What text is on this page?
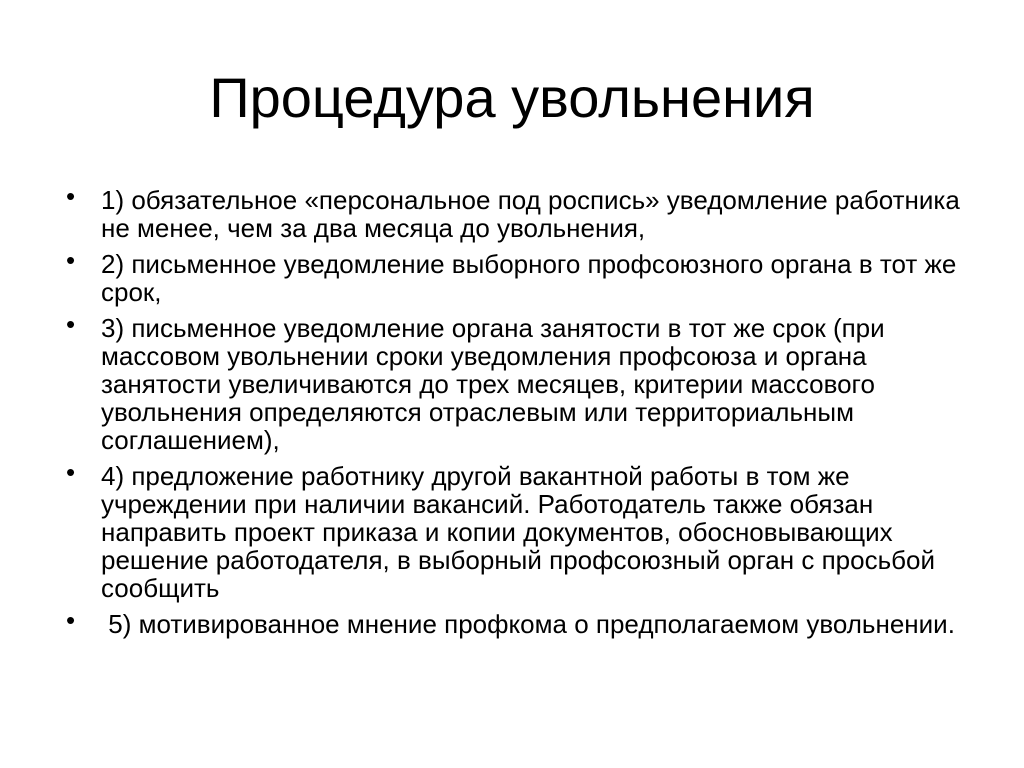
Процедура увольнения
• 1) обязательное «персональное под роспись» уведомление работника не менее, чем за два месяца до увольнения,
• 2) письменное уведомление выборного профсоюзного органа в тот же срок,
• 3) письменное уведомление органа занятости в тот же срок (при массовом увольнении сроки уведомления профсоюза и органа занятости увеличиваются до трех месяцев, критерии массового увольнения определяются отраслевым или территориальным соглашением),
• 4) предложение работнику другой вакантной работы в том же учреждении при наличии вакансий. Работодатель также обязан направить проект приказа и копии документов, обосновывающих решение работодателя, в выборный профсоюзный орган с просьбой сообщить
• 5) мотивированное мнение профкома о предполагаемом увольнении.
